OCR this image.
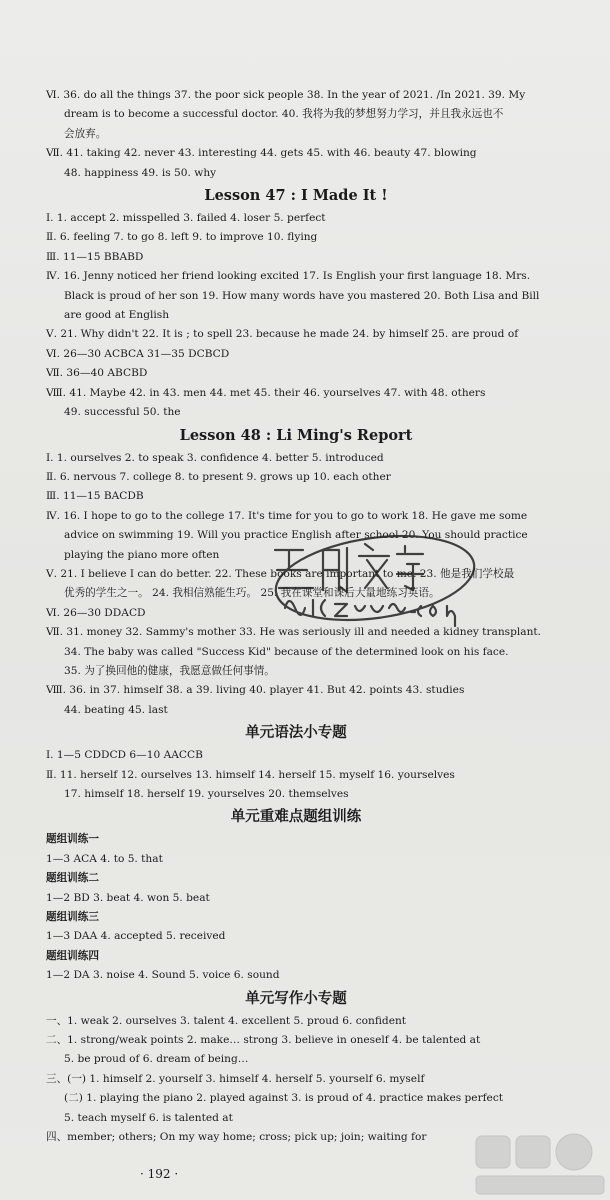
Ⅵ. 36. do all the things 37. the poor sick people 38. In the year of 2021. /In 2021. 39. My
dream is to become a successful doctor. 40. 我将为我的梦想努力学习，并且我永远也不
会放弃。
Ⅶ. 41. taking 42. never 43. interesting 44. gets 45. with 46. beauty 47. blowing
48. happiness 49. is 50. why
Lesson 47 : I Made It !
Ⅰ. 1. accept 2. misspelled 3. failed 4. loser 5. perfect
Ⅱ. 6. feeling 7. to go 8. left 9. to improve 10. flying
Ⅲ. 11—15 BBABD
Ⅳ. 16. Jenny noticed her friend looking excited 17. Is English your first language 18. Mrs.
Black is proud of her son 19. How many words have you mastered 20. Both Lisa and Bill
are good at English
Ⅴ. 21. Why didn't 22. It is ; to spell 23. because he made 24. by himself 25. are proud of
Ⅵ. 26—30 ACBCA 31—35 DCBCD
Ⅶ. 36—40 ABCBD
Ⅷ. 41. Maybe 42. in 43. men 44. met 45. their 46. yourselves 47. with 48. others
49. successful 50. the
Lesson 48 : Li Ming's Report
Ⅰ. 1. ourselves 2. to speak 3. confidence 4. better 5. introduced
Ⅱ. 6. nervous 7. college 8. to present 9. grows up 10. each other
Ⅲ. 11—15 BACDB
Ⅳ. 16. I hope to go to the college 17. It's time for you to go to work 18. He gave me some
advice on swimming 19. Will you practice English after school 20. You should practice
playing the piano more often
Ⅴ. 21. I believe I can do better. 22. These books are important to me. 23. 他是我们学校最
优秀的学生之一。 24. 我相信熟能生巧。 25. 我在课堂和课后大量地练习英语。
Ⅵ. 26—30 DDACD
Ⅶ. 31. money 32. Sammy's mother 33. He was seriously ill and needed a kidney transplant.
34. The baby was called "Success Kid" because of the determined look on his face.
35. 为了换回他的健康，我愿意做任何事情。
Ⅷ. 36. in 37. himself 38. a 39. living 40. player 41. But 42. points 43. studies
44. beating 45. last
单元语法小专题
Ⅰ. 1—5 CDDCD 6—10 AACCB
Ⅱ. 11. herself 12. ourselves 13. himself 14. herself 15. myself 16. yourselves
17. himself 18. herself 19. yourselves 20. themselves
单元重难点题组训练
题组训练一
1—3 ACA 4. to 5. that
题组训练二
1—2 BD 3. beat 4. won 5. beat
题组训练三
1—3 DAA 4. accepted 5. received
题组训练四
1—2 DA 3. noise 4. Sound 5. voice 6. sound
单元写作小专题
一、1. weak 2. ourselves 3. talent 4. excellent 5. proud 6. confident
二、1. strong/weak points 2. make… strong 3. believe in oneself 4. be talented at
5. be proud of 6. dream of being…
三、(一) 1. himself 2. yourself 3. himself 4. herself 5. yourself 6. myself
(二) 1. playing the piano 2. played against 3. is proud of 4. practice makes perfect
5. teach myself 6. is talented at
四、member; others; On my way home; cross; pick up; join; waiting for
· 192 ·
